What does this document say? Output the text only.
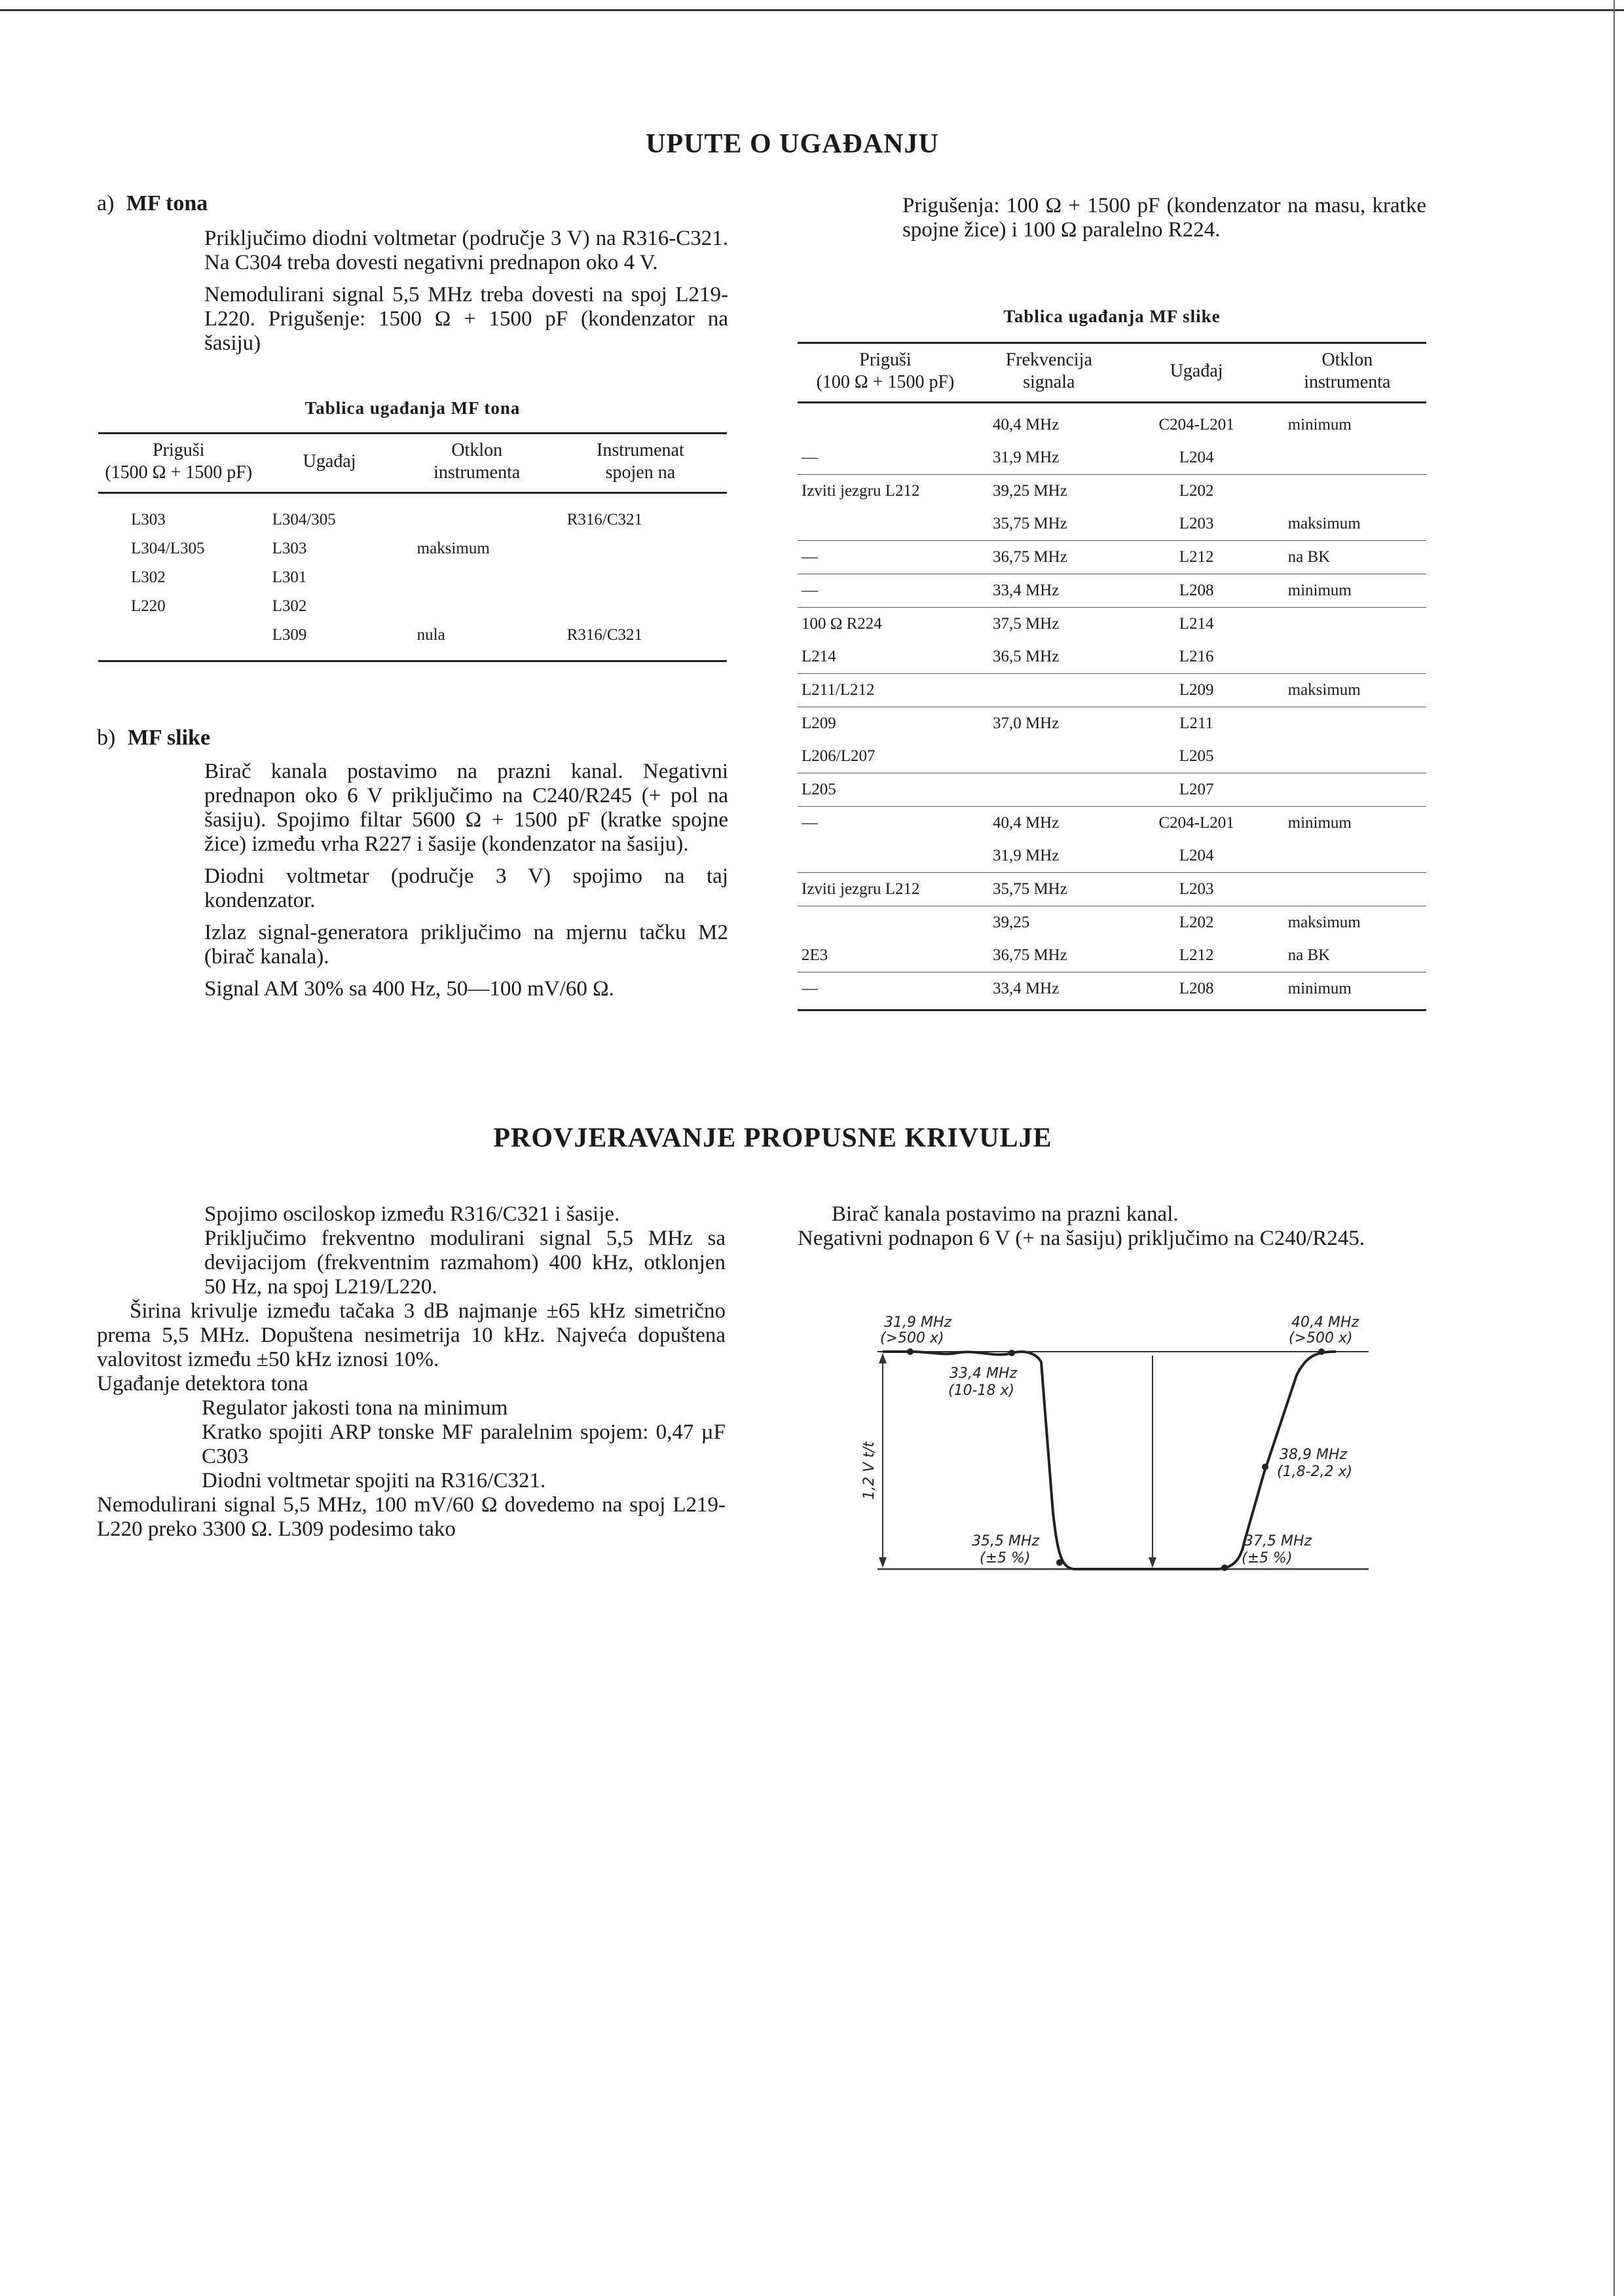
UPUTE O UGAĐANJU
a) MF tona

Priključimo diodni voltmetar (područje 3 V) na R316-C321. Na C304 treba dovesti negativni prednapon oko 4 V.

Nemodulirani signal 5,5 MHz treba dovesti na spoj L219-L220. Prigušenje: 1500 Ω + 1500 pF (kondenzator na šasiju)

Tablica ugađanja MF tona
Priguši
(1500 Ω + 1500 pF)	Ugađaj	Otklon
instrumenta	Instrumenat
spojen na

L303	L304/305		R316/C321
L304/L305	L303	maksimum	
L302	L301		
L220	L302		
	L309	nula	R316/C321
b) MF slike

Birač kanala postavimo na prazni kanal. Negativni prednapon oko 6 V priključimo na C240/R245 (+ pol na šasiju). Spojimo filtar 5600 Ω + 1500 pF (kratke spojne žice) između vrha R227 i šasije (kondenzator na šasiju).

Diodni voltmetar (područje 3 V) spojimo na taj kondenzator.

Izlaz signal-generatora priključimo na mjernu tačku M2 (birač kanala).

Signal AM 30% sa 400 Hz, 50—100 mV/60 Ω.

Prigušenja: 100 Ω + 1500 pF (kondenzator na masu, kratke spojne žice) i 100 Ω paralelno R224.
Tablica ugađanja MF slike
Priguši
(100 Ω + 1500 pF)	Frekvencija
signala	Ugađaj	Otklon
instrumenta

	40,4 MHz	C204-L201	minimum
—	31,9 MHz	L204	
Izviti jezgru L212	39,25 MHz	L202	
	35,75 MHz	L203	maksimum
—	36,75 MHz	L212	na BK
—	33,4 MHz	L208	minimum
100 Ω R224	37,5 MHz	L214	
L214	36,5 MHz	L216	
L211/L212		L209	maksimum
L209	37,0 MHz	L211	
L206/L207		L205	
L205		L207	
—	40,4 MHz	C204-L201	minimum
	31,9 MHz	L204	
Izviti jezgru L212	35,75 MHz	L203	
	39,25	L202	maksimum
2E3	36,75 MHz	L212	na BK
—	33,4 MHz	L208	minimum
PROVJERAVANJE PROPUSNE KRIVULJE
Spojimo osciloskop između R316/C321 i šasije.
Priključimo frekventno modulirani signal 5,5 MHz sa devijacijom (frekventnim razmahom) 400 kHz, otklonjen 50 Hz, na spoj L219/L220.
Širina krivulje između tačaka 3 dB najmanje ±65 kHz simetrično prema 5,5 MHz. Dopuštena nesimetrija 10 kHz. Najveća dopuštena valovitost između ±50 kHz iznosi 10%.
Ugađanje detektora tona
Regulator jakosti tona na minimum
Kratko spojiti ARP tonske MF paralelnim spojem: 0,47 µF C303
Diodni voltmetar spojiti na R316/C321.
Nemodulirani signal 5,5 MHz, 100 mV/60 Ω dovedemo na spoj L219-L220 preko 3300 Ω. L309 podesimo tako
Birač kanala postavimo na prazni kanal.
Negativni podnapon 6 V (+ na šasiju) priključimo na C240/R245.
31,9 MHz
(>500 x)
40,4 MHz
(>500 x)
33,4 MHz
(10-18 x)
38,9 MHz
(1,8-2,2 x)
35,5 MHz
(±5 %)
37,5 MHz
(±5 %)
1,2 V t/t
